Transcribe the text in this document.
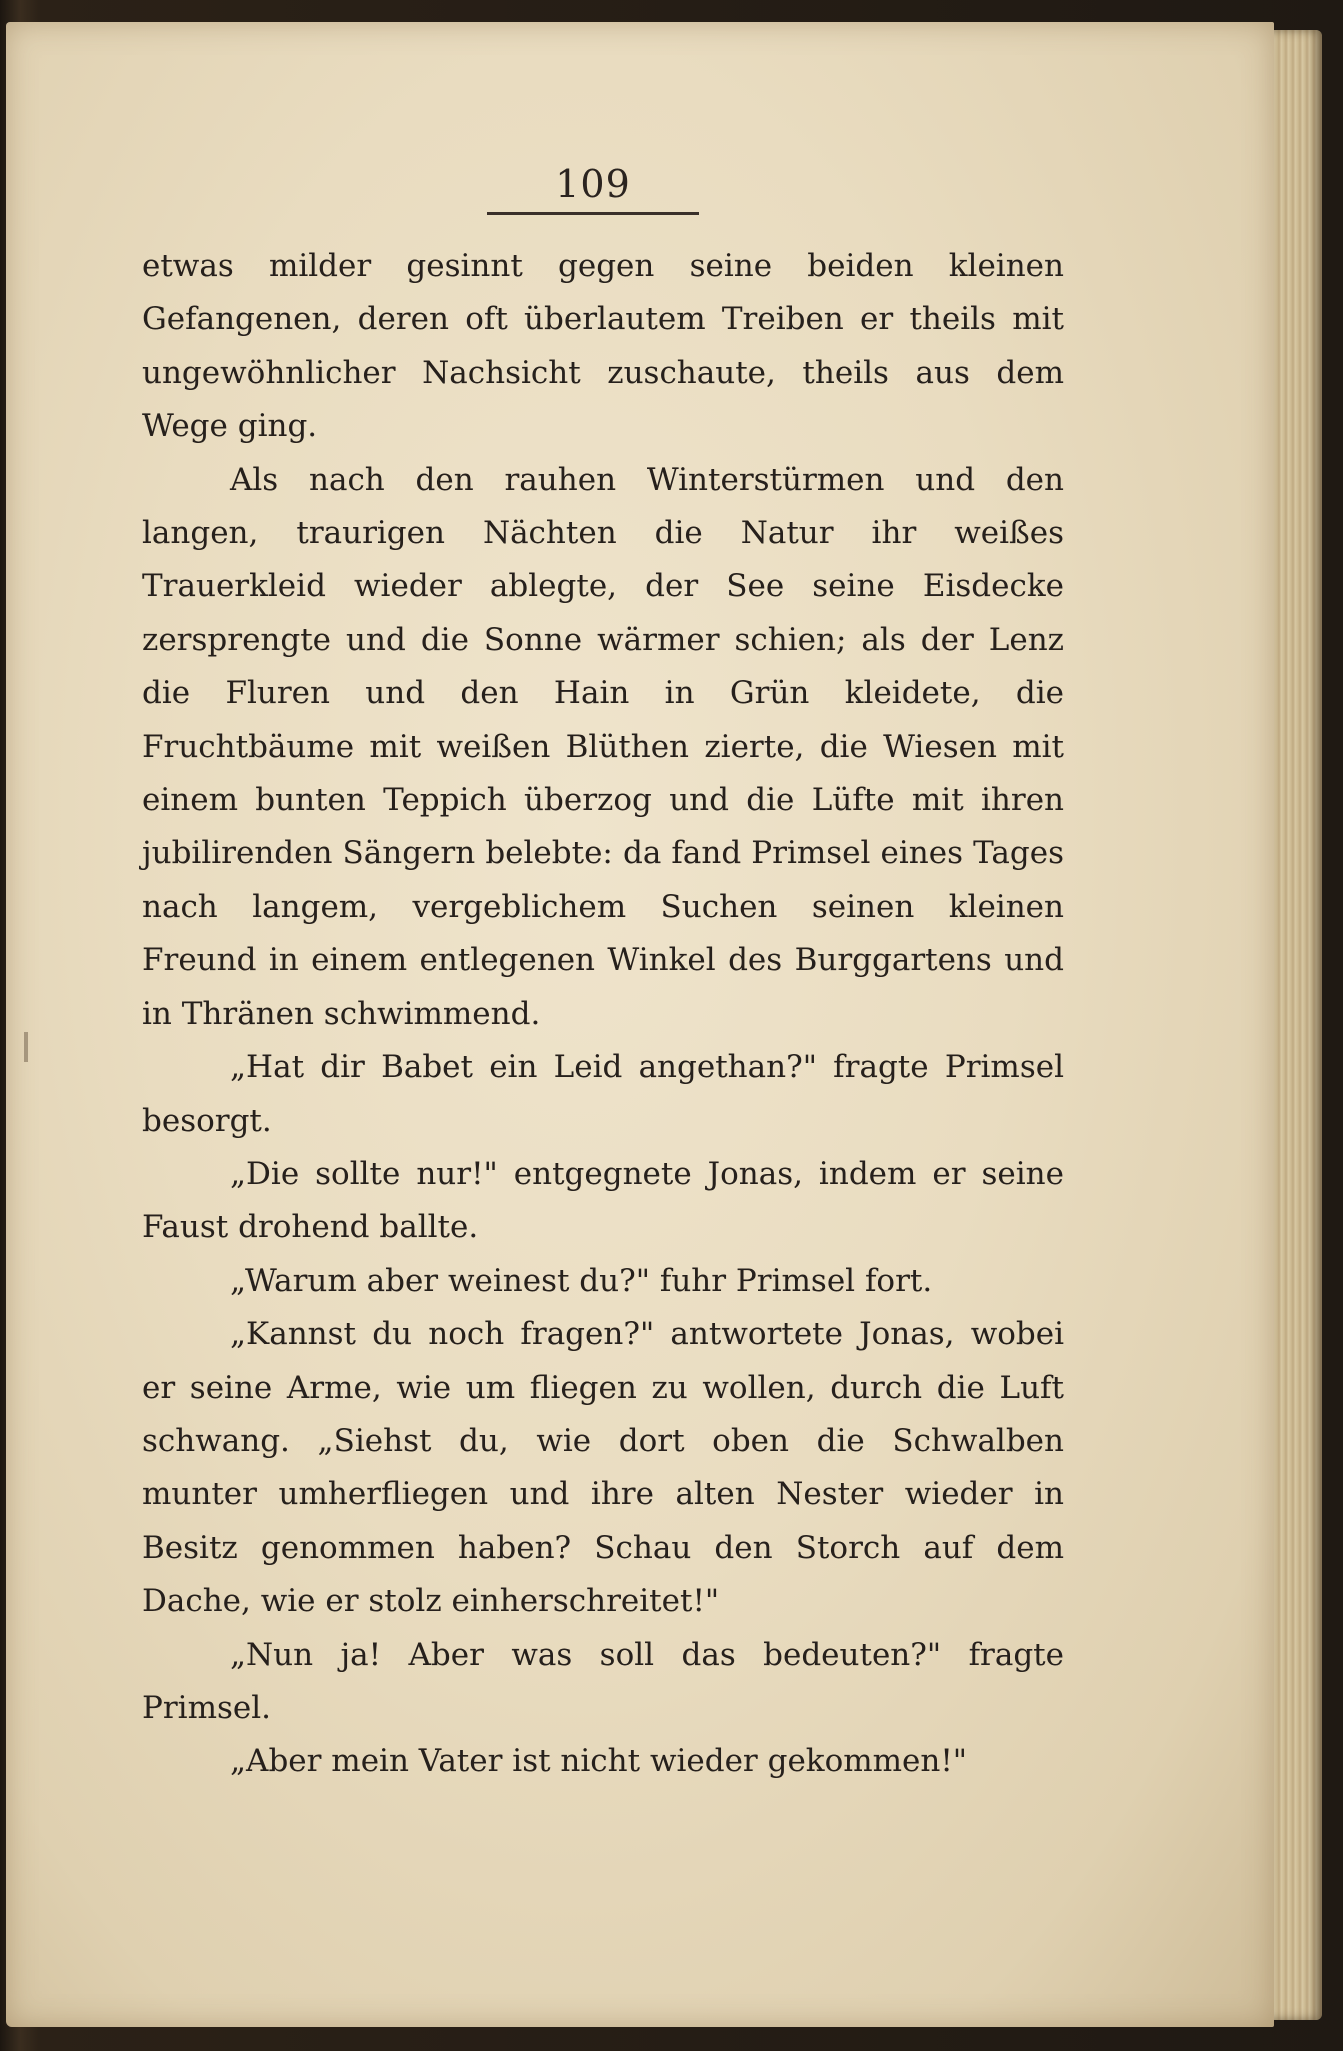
109

etwas milder gesinnt gegen seine beiden kleinen Gefangenen, deren oft überlautem Treiben er theils mit ungewöhnlicher Nachsicht zuschaute, theils aus dem Wege ging.

Als nach den rauhen Winterstürmen und den langen, traurigen Nächten die Natur ihr weißes Trauerkleid wieder ablegte, der See seine Eisdecke zersprengte und die Sonne wärmer schien; als der Lenz die Fluren und den Hain in Grün kleidete, die Fruchtbäume mit weißen Blüthen zierte, die Wiesen mit einem bunten Teppich überzog und die Lüfte mit ihren jubilirenden Sängern belebte: da fand Primsel eines Tages nach langem, vergeblichem Suchen seinen kleinen Freund in einem entlegenen Winkel des Burggartens und in Thränen schwimmend.

„Hat dir Babet ein Leid angethan?" fragte Primsel besorgt.

„Die sollte nur!" entgegnete Jonas, indem er seine Faust drohend ballte.

„Warum aber weinest du?" fuhr Primsel fort.

„Kannst du noch fragen?" antwortete Jonas, wobei er seine Arme, wie um fliegen zu wollen, durch die Luft schwang. „Siehst du, wie dort oben die Schwalben munter umherfliegen und ihre alten Nester wieder in Besitz genommen haben? Schau den Storch auf dem Dache, wie er stolz einherschreitet!"

„Nun ja! Aber was soll das bedeuten?" fragte Primsel.

„Aber mein Vater ist nicht wieder gekommen!"
